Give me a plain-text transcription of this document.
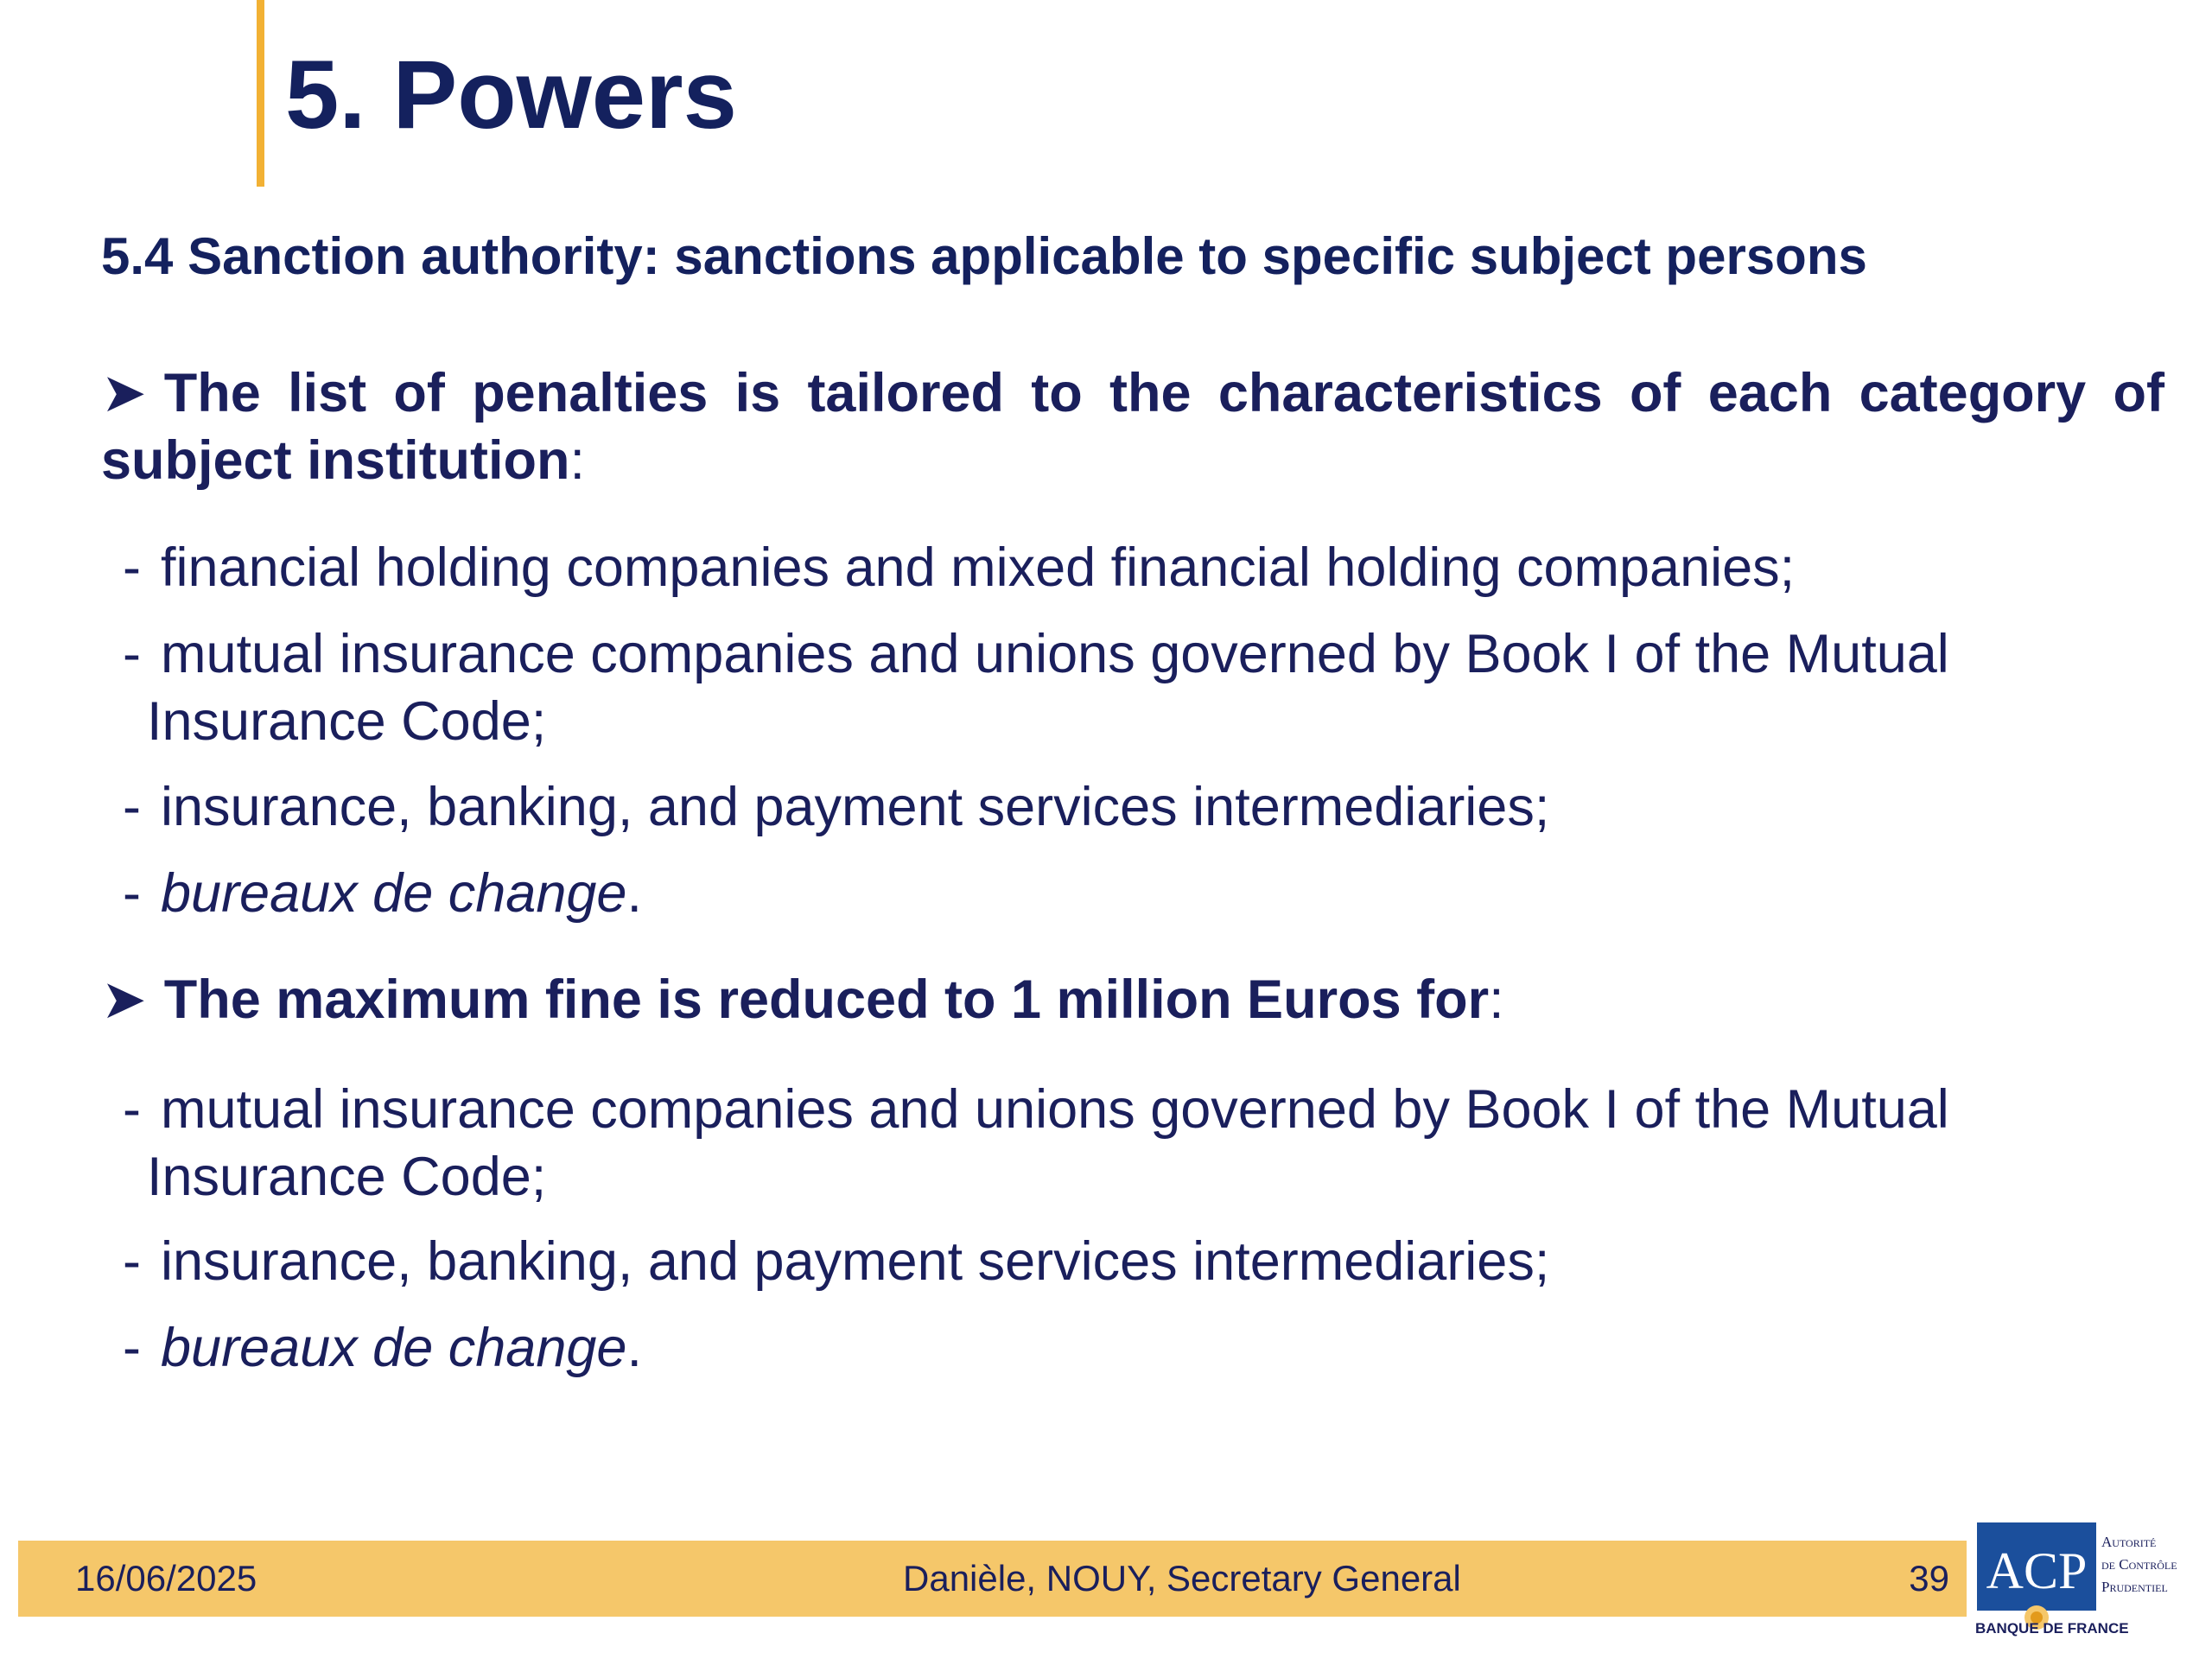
5. Powers
5.4 Sanction authority: sanctions applicable to specific subject persons
➤ The list of penalties is tailored to the characteristics of each category of subject institution:
- financial holding companies and mixed financial holding companies;
- mutual insurance companies and unions governed by Book I of the Mutual
Insurance Code;
- insurance, banking, and payment services intermediaries;
- bureaux de change.
➤ The maximum fine is reduced to 1 million Euros for:
- mutual insurance companies and unions governed by Book I of the Mutual
Insurance Code;
- insurance, banking, and payment services intermediaries;
- bureaux de change.
16/06/2025	Danièle, NOUY, Secretary General	39 ACP
Autorité
de Contrôle
Prudentiel
BANQUE DE FRANCE
